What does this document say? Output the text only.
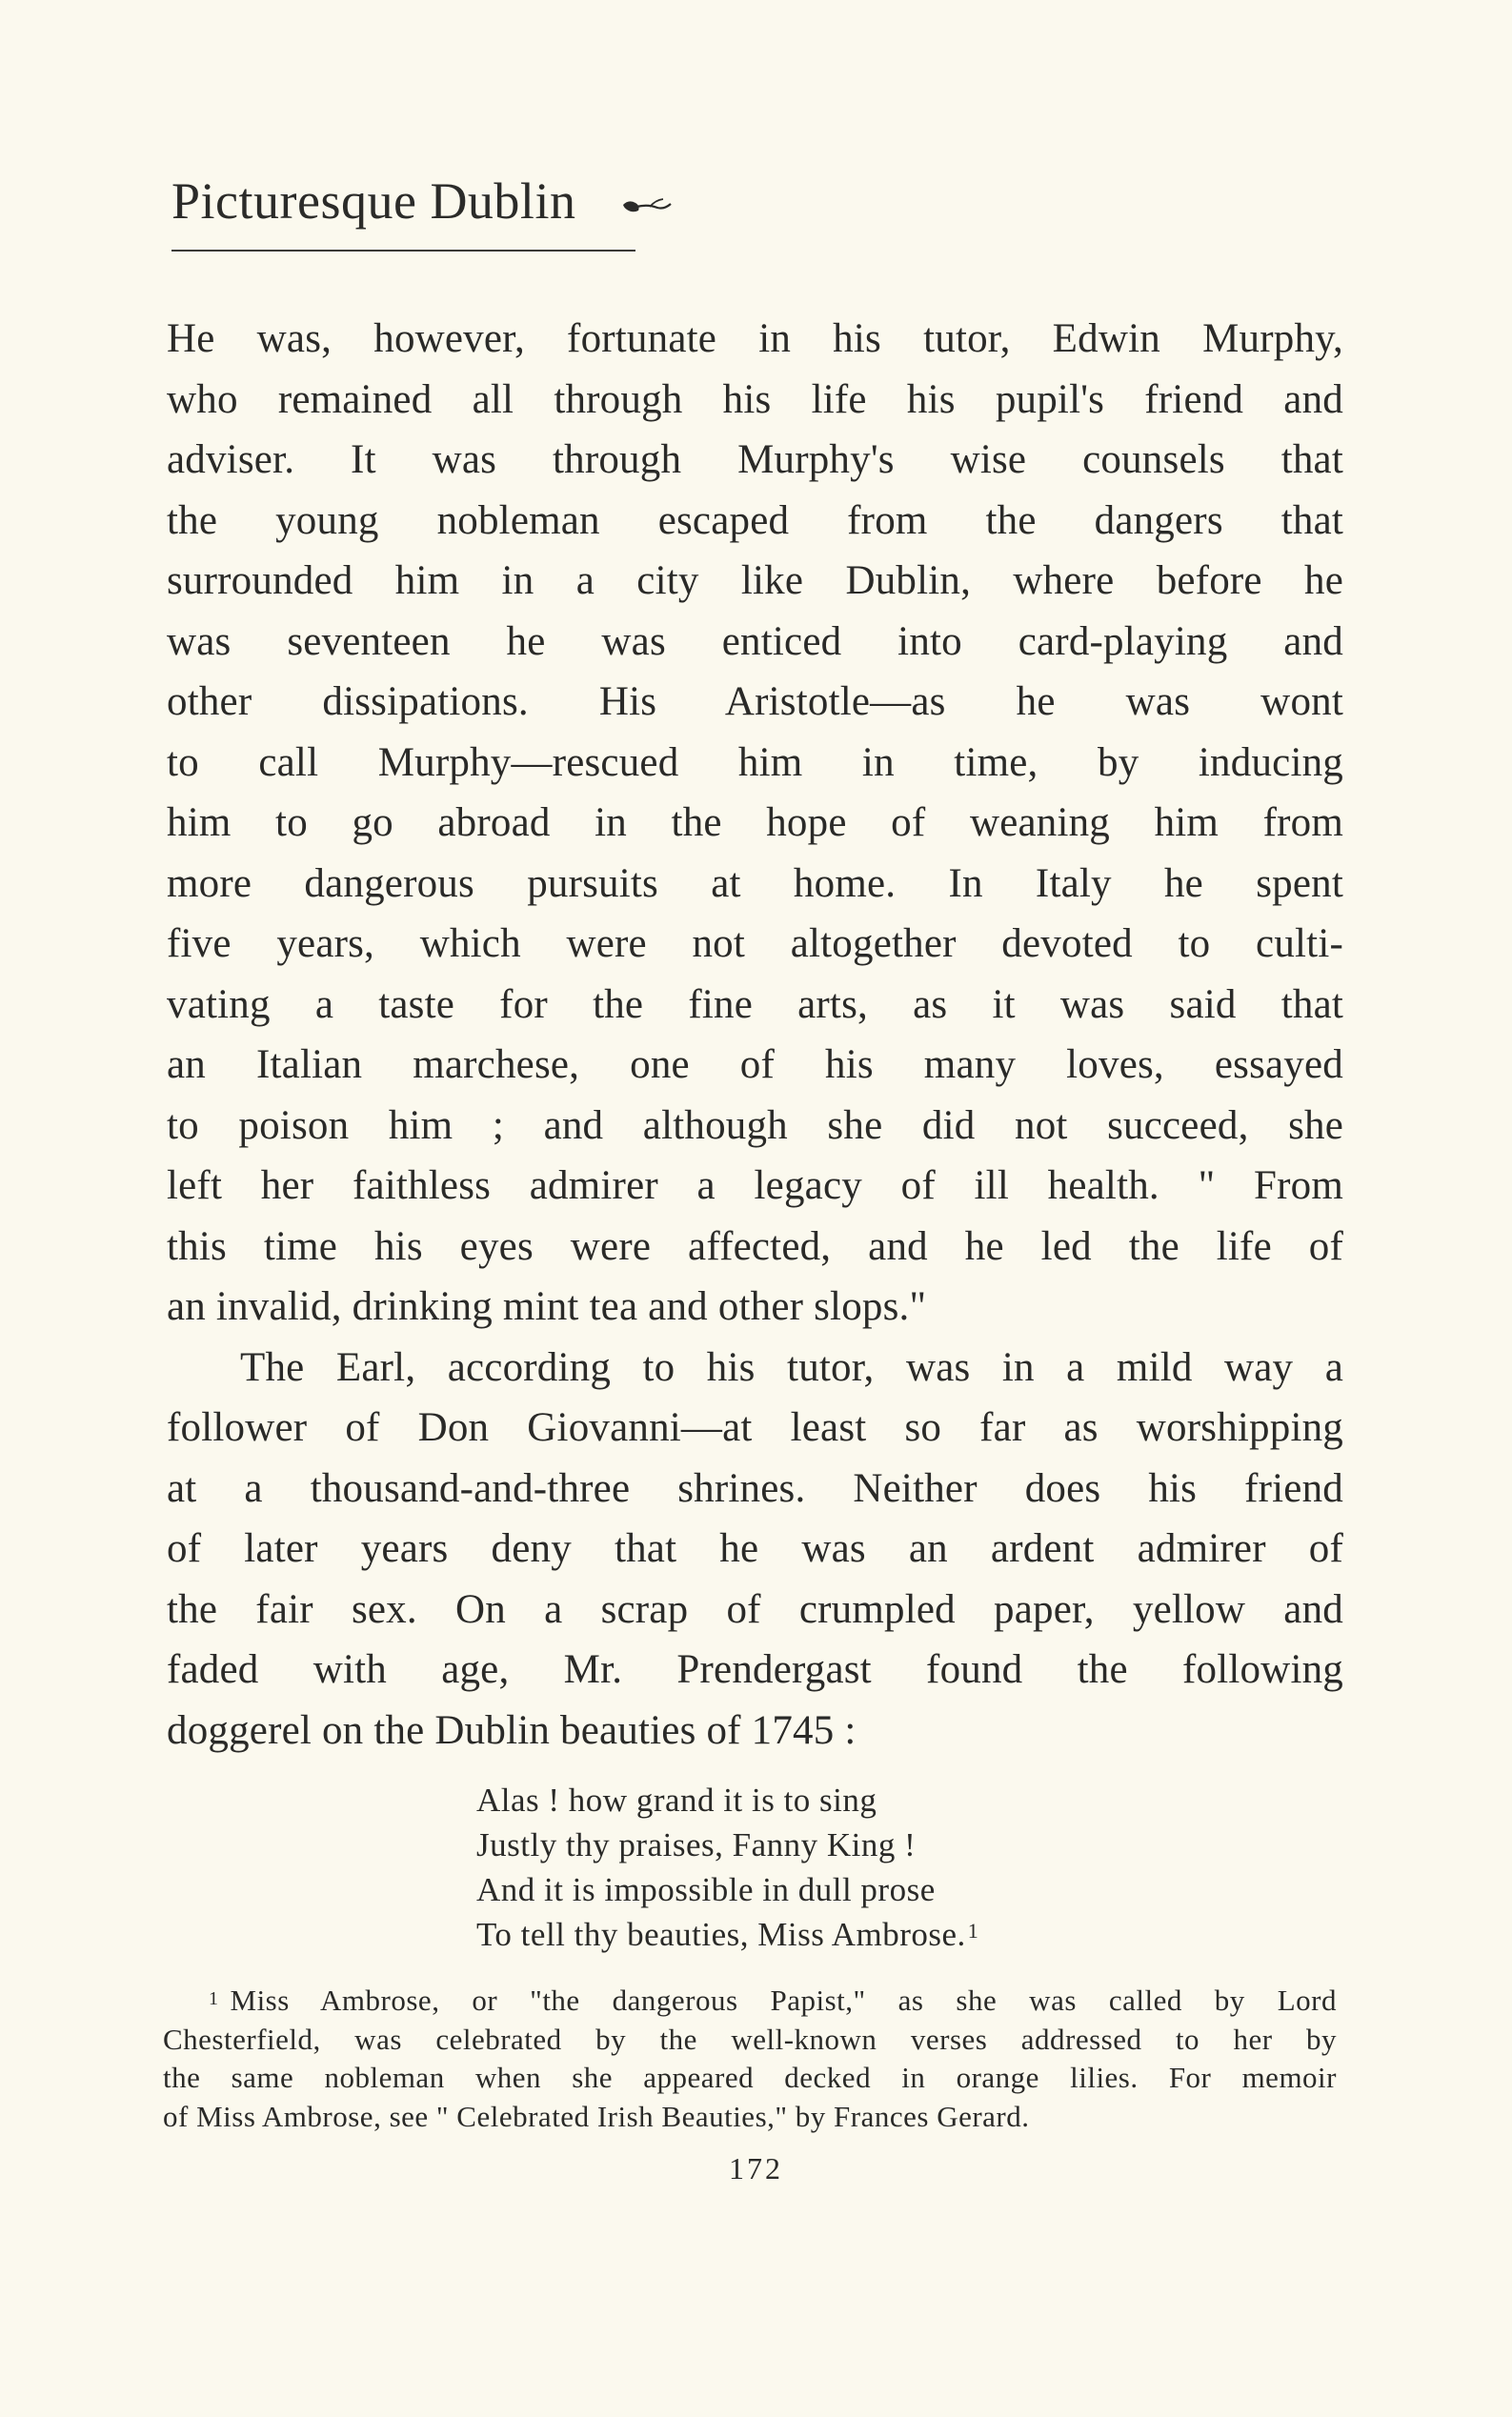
Picturesque Dublin
He was, however, fortunate in his tutor, Edwin Murphy,
who remained all through his life his pupil's friend and
adviser. It was through Murphy's wise counsels that
the young nobleman escaped from the dangers that
surrounded him in a city like Dublin, where before he
was seventeen he was enticed into card-playing and
other dissipations. His Aristotle—as he was wont
to call Murphy—rescued him in time, by inducing
him to go abroad in the hope of weaning him from
more dangerous pursuits at home. In Italy he spent
five years, which were not altogether devoted to culti-
vating a taste for the fine arts, as it was said that
an Italian marchese, one of his many loves, essayed
to poison him ; and although she did not succeed, she
left her faithless admirer a legacy of ill health. " From
this time his eyes were affected, and he led the life of
an invalid, drinking mint tea and other slops."
The Earl, according to his tutor, was in a mild way a
follower of Don Giovanni—at least so far as worshipping
at a thousand-and-three shrines. Neither does his friend
of later years deny that he was an ardent admirer of
the fair sex. On a scrap of crumpled paper, yellow and
faded with age, Mr. Prendergast found the following
doggerel on the Dublin beauties of 1745 :
Alas ! how grand it is to sing
Justly thy praises, Fanny King !
And it is impossible in dull prose
To tell thy beauties, Miss Ambrose.$^1$
$^1$ Miss Ambrose, or "the dangerous Papist," as she was called by Lord
Chesterfield, was celebrated by the well-known verses addressed to her by
the same nobleman when she appeared decked in orange lilies. For memoir
of Miss Ambrose, see " Celebrated Irish Beauties," by Frances Gerard.
172
